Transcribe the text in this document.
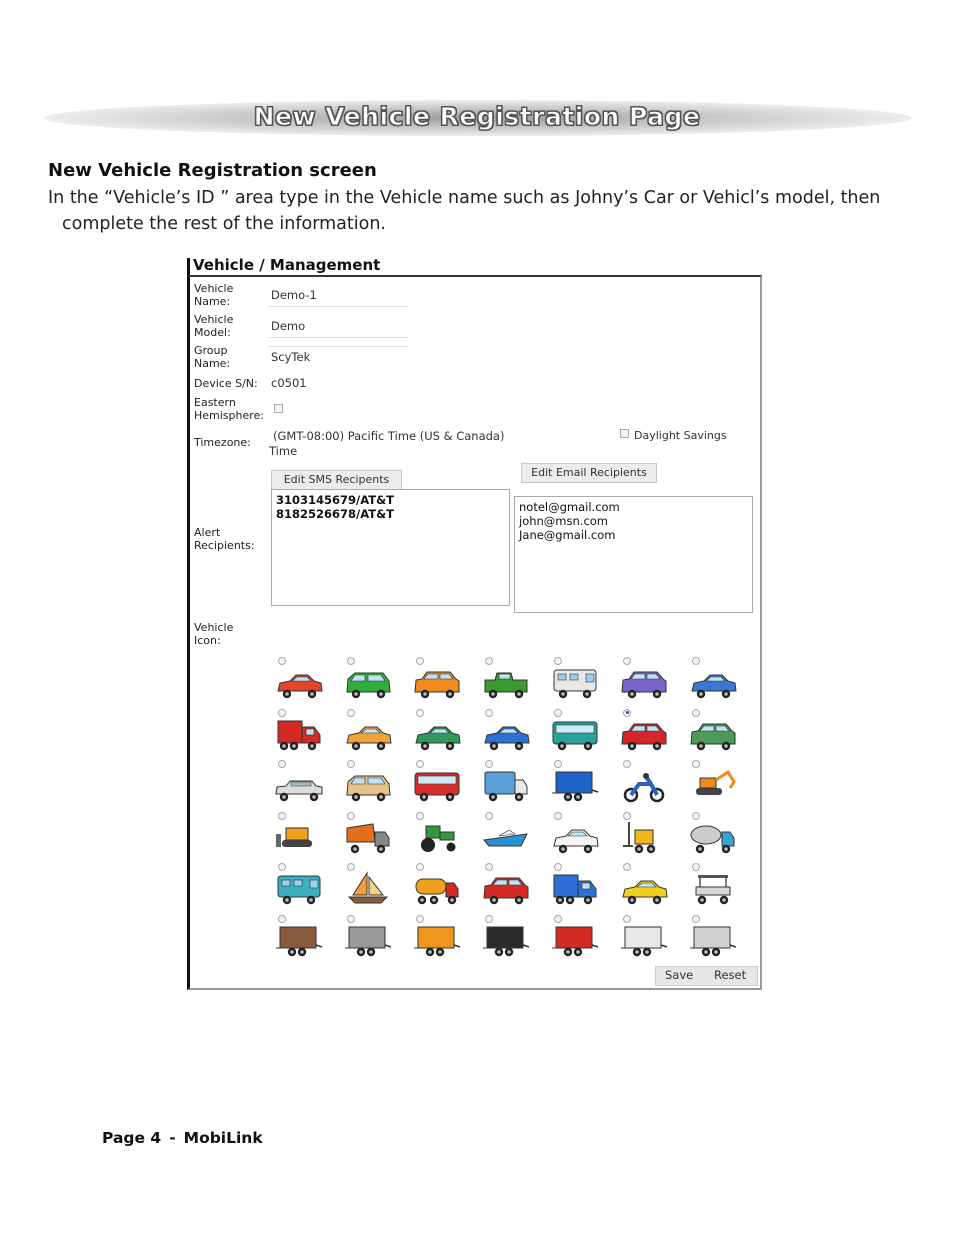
New Vehicle Registration Page
New Vehicle Registration screen
In the “Vehicle’s ID ” area type in the Vehicle name such as Johny’s Car or Vehicl’s model, then complete the rest of the information.
Vehicle / Management
Vehicle Name:	Demo-1
Vehicle Model:	Demo
Group Name:	ScyTek
Device S/N: c0501
Eastern Hemisphere:
Timezone: (GMT-08:00) Pacific Time (US & Canada)
Time
Daylight Savings
Edit SMS Recipents
Edit Email Recipients
Alert Recipients:
3103145679/AT&T
8182526678/AT&T	notel@gmail.com
john@msn.com
Jane@gmail.com
Vehicle Icon:
Save Reset
Page 4 - MobiLink
